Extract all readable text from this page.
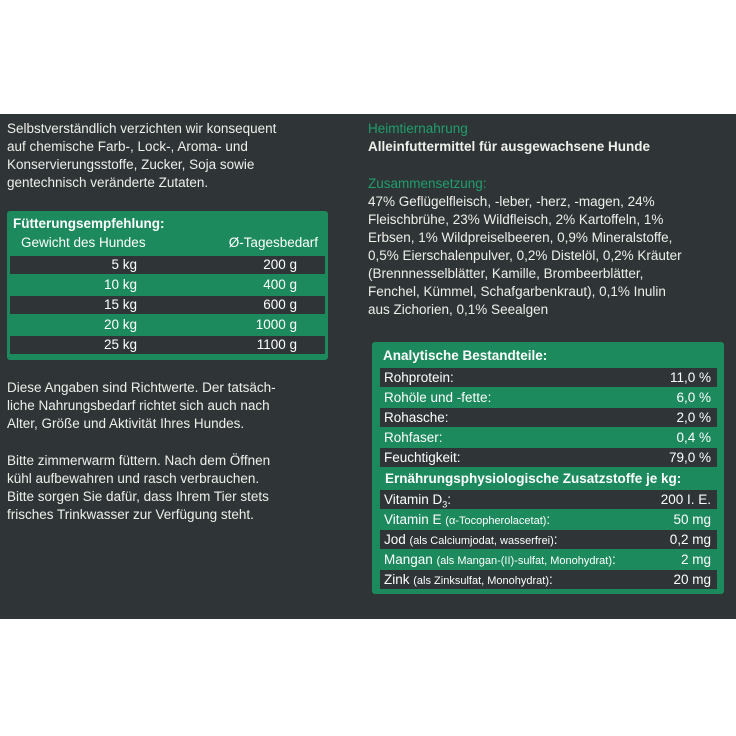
Selbstverständlich verzichten wir konsequent
auf chemische Farb-, Lock-, Aroma- und
Konservierungsstoffe, Zucker, Soja sowie
gentechnisch veränderte Zutaten.
Fütterungsempfehlung:
Gewicht des Hundes	Ø-Tagesbedarf
5 kg	200 g
10 kg	400 g
15 kg	600 g
20 kg	1000 g
25 kg	1100 g
Diese Angaben sind Richtwerte. Der tatsäch-
liche Nahrungsbedarf richtet sich auch nach
Alter, Größe und Aktivität Ihres Hundes.
Bitte zimmerwarm füttern. Nach dem Öffnen
kühl aufbewahren und rasch verbrauchen.
Bitte sorgen Sie dafür, dass Ihrem Tier stets
frisches Trinkwasser zur Verfügung steht.
Heimtiernahrung
Alleinfuttermittel für ausgewachsene Hunde
Zusammensetzung:
47% Geflügelfleisch, -leber, -herz, -magen, 24%
Fleischbrühe, 23% Wildfleisch, 2% Kartoffeln, 1%
Erbsen, 1% Wildpreiselbeeren, 0,9% Mineralstoffe,
0,5% Eierschalenpulver, 0,2% Distelöl, 0,2% Kräuter
(Brennnesselblätter, Kamille, Brombeerblätter,
Fenchel, Kümmel, Schafgarbenkraut), 0,1% Inulin
aus Zichorien, 0,1% Seealgen
Analytische Bestandteile:
Rohprotein:	11,0 %
Rohöle und -fette:	6,0 %
Rohasche:	2,0 %
Rohfaser:	0,4 %
Feuchtigkeit:	79,0 %
Ernährungsphysiologische Zusatzstoffe je kg:
Vitamin $D_3$:	200 I. E.
Vitamin E (α-Tocopherolacetat):	50 mg
Jod (als Calciumjodat, wasserfrei):	0,2 mg
Mangan (als Mangan-(II)-sulfat, Monohydrat):	2 mg
Zink (als Zinksulfat, Monohydrat):	20 mg
